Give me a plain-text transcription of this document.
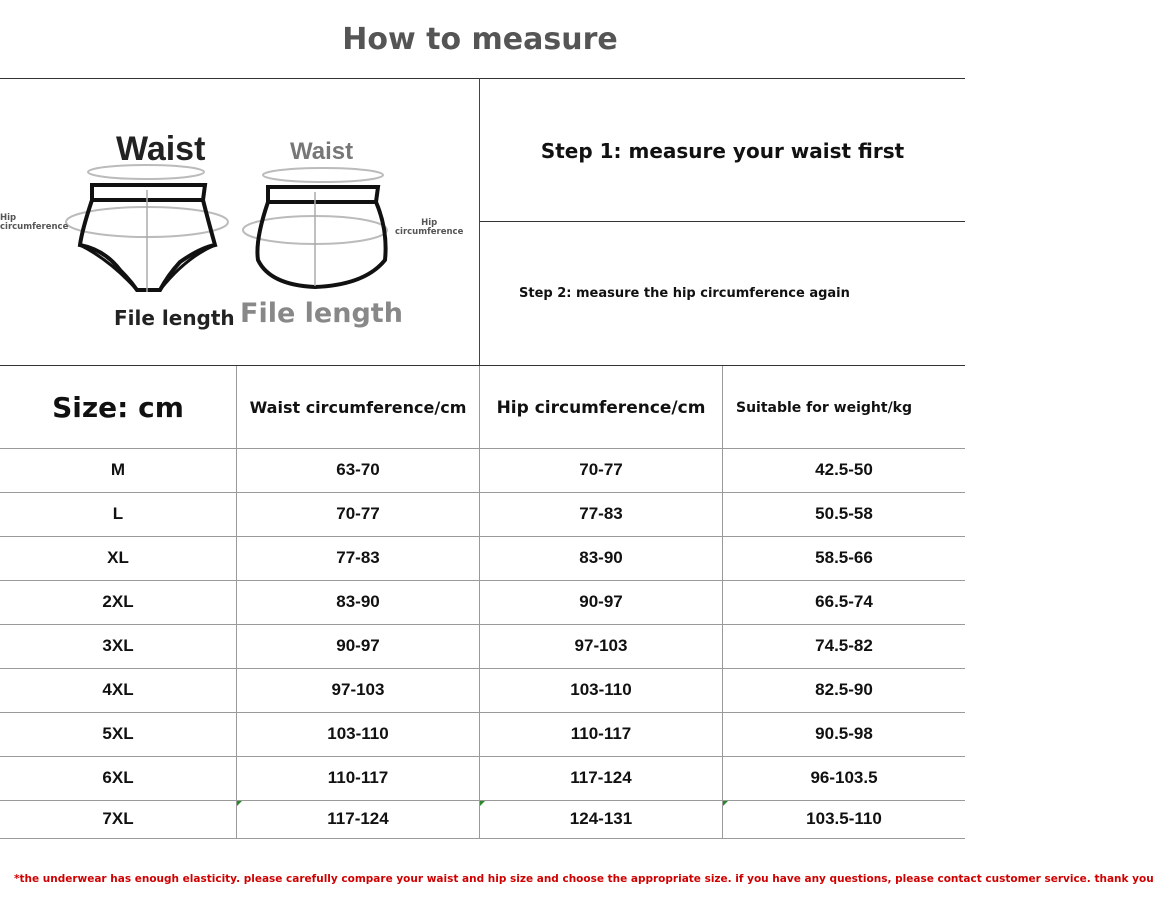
How to measure
Waist	Waist
Hip
circumference	Hip
circumference
File length File length
Step 1: measure your waist first
Step 2: measure the hip circumference again
Size: cm	Waist circumference/cm	Hip circumference/cm	Suitable for weight/kg
M	63-70	70-77	42.5-50
L	70-77	77-83	50.5-58
XL	77-83	83-90	58.5-66
2XL	83-90	90-97	66.5-74
3XL	90-97	97-103	74.5-82
4XL	97-103	103-110	82.5-90
5XL	103-110	110-117	90.5-98
6XL	110-117	117-124	96-103.5
7XL	117-124	124-131	103.5-110
*the underwear has enough elasticity. please carefully compare your waist and hip size and choose the appropriate size. if you have any questions, please contact customer service. thank you
